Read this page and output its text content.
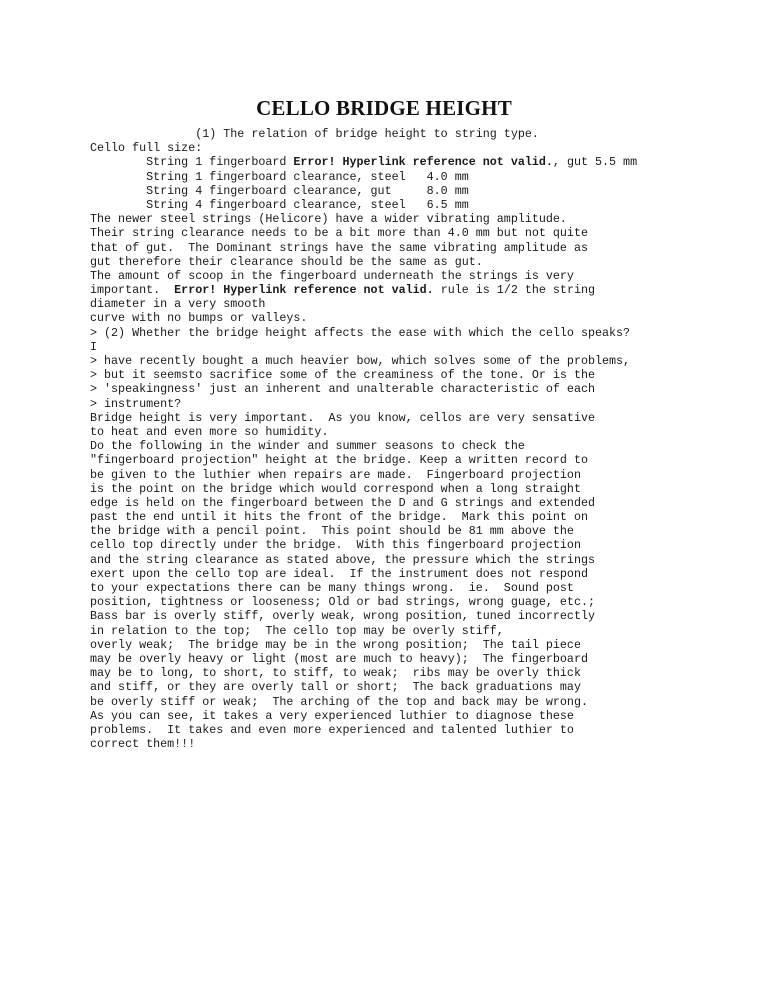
CELLO BRIDGE HEIGHT
(1) The relation of bridge height to string type.
Cello full size:
String 1 fingerboard Error! Hyperlink reference not valid., gut 5.5 mm
String 1 fingerboard clearance, steel   4.0 mm
String 4 fingerboard clearance, gut     8.0 mm
String 4 fingerboard clearance, steel   6.5 mm
The newer steel strings (Helicore) have a wider vibrating amplitude.
Their string clearance needs to be a bit more than 4.0 mm but not quite
that of gut.  The Dominant strings have the same vibrating amplitude as
gut therefore their clearance should be the same as gut.
The amount of scoop in the fingerboard underneath the strings is very
important.  Error! Hyperlink reference not valid. rule is 1/2 the string
diameter in a very smooth
curve with no bumps or valleys.
> (2) Whether the bridge height affects the ease with which the cello speaks?
I
> have recently bought a much heavier bow, which solves some of the problems,
> but it seemsto sacrifice some of the creaminess of the tone. Or is the
> 'speakingness' just an inherent and unalterable characteristic of each
> instrument?
Bridge height is very important.  As you know, cellos are very sensative
to heat and even more so humidity.
Do the following in the winder and summer seasons to check the
"fingerboard projection" height at the bridge. Keep a written record to
be given to the luthier when repairs are made.  Fingerboard projection
is the point on the bridge which would correspond when a long straight
edge is held on the fingerboard between the D and G strings and extended
past the end until it hits the front of the bridge.  Mark this point on
the bridge with a pencil point.  This point should be 81 mm above the
cello top directly under the bridge.  With this fingerboard projection
and the string clearance as stated above, the pressure which the strings
exert upon the cello top are ideal.  If the instrument does not respond
to your expectations there can be many things wrong.  ie.  Sound post
position, tightness or looseness; Old or bad strings, wrong guage, etc.;
Bass bar is overly stiff, overly weak, wrong position, tuned incorrectly
in relation to the top;  The cello top may be overly stiff,
overly weak;  The bridge may be in the wrong position;  The tail piece
may be overly heavy or light (most are much to heavy);  The fingerboard
may be to long, to short, to stiff, to weak;  ribs may be overly thick
and stiff, or they are overly tall or short;  The back graduations may
be overly stiff or weak;  The arching of the top and back may be wrong.
As you can see, it takes a very experienced luthier to diagnose these
problems.  It takes and even more experienced and talented luthier to
correct them!!!
